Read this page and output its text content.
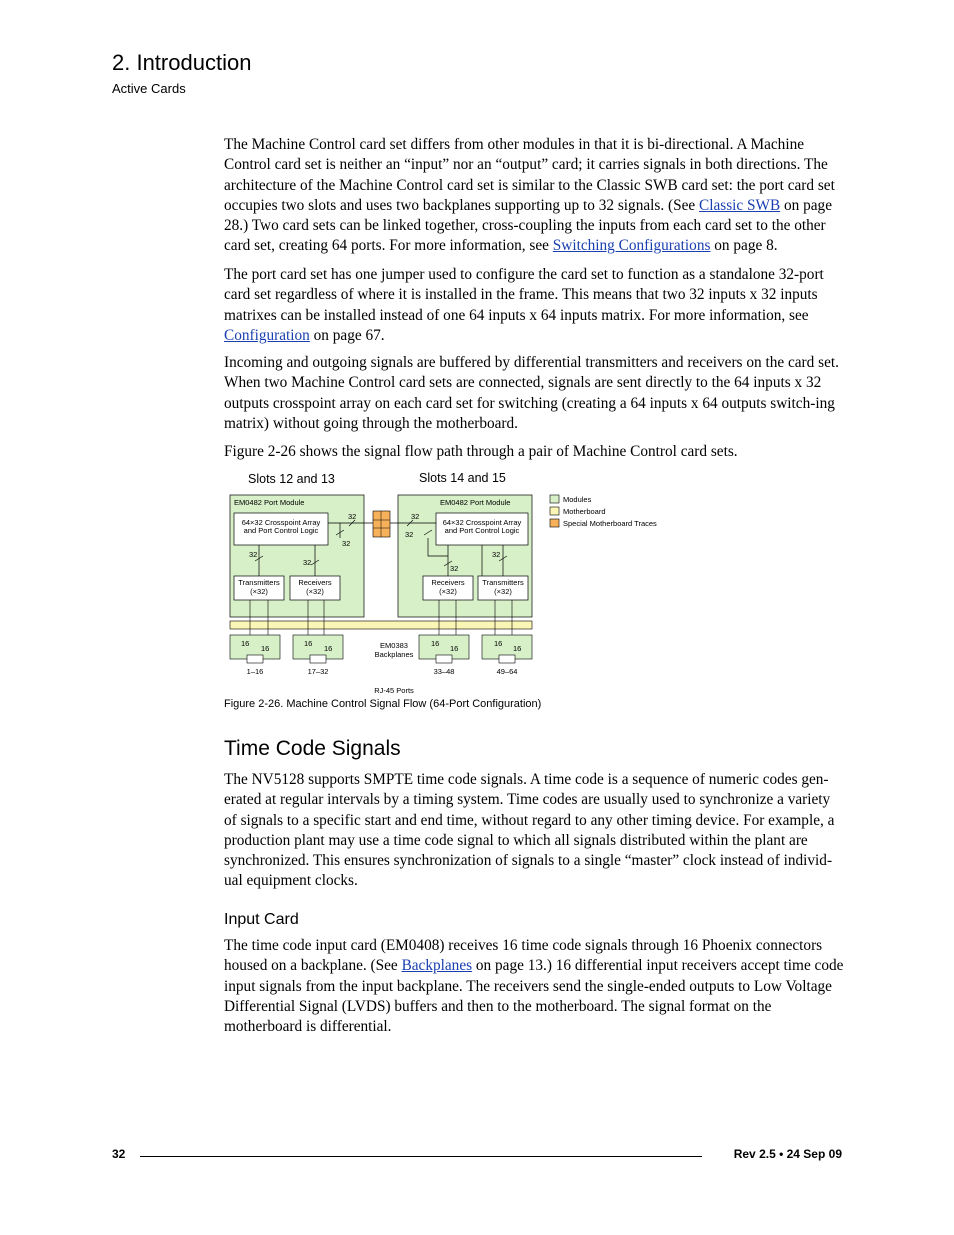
2. Introduction
Active Cards

The Machine Control card set differs from other modules in that it is bi-directional. A Machine Control card set is neither an “input” nor an “output” card; it carries signals in both directions. The architecture of the Machine Control card set is similar to the Classic SWB card set: the port card set occupies two slots and uses two backplanes supporting up to 32 signals. (See Classic SWB on page 28.) Two card sets can be linked together, cross-coupling the inputs from each card set to the other card set, creating 64 ports. For more information, see Switching Configurations on page 8.

The port card set has one jumper used to configure the card set to function as a standalone 32-port card set regardless of where it is installed in the frame. This means that two 32 inputs x 32 inputs matrixes can be installed instead of one 64 inputs x 64 inputs matrix. For more information, see Configuration on page 67.

Incoming and outgoing signals are buffered by differential transmitters and receivers on the card set. When two Machine Control card sets are connected, signals are sent directly to the 64 inputs x 32 outputs crosspoint array on each card set for switching (creating a 64 inputs x 64 outputs switch-ing matrix) without going through the motherboard.
Figure 2-26 shows the signal flow path through a pair of Machine Control card sets.
Slots 12 and 13	Slots 14 and 15
EM0482 Port Module	EM0482 Port Module
64×32 Crosspoint Array
and Port Control Logic
64×32 Crosspoint Array
and Port Control Logic
Transmitters
(×32)
Receivers
(×32)
Receivers
(×32)
Transmitters
(×32)
32
32
32
32
32
32
32
32
16
16
16
16
16
16
16
16
EM0383
Backplanes
1–16	17–32	33–48	49–64
RJ-45 Ports
Modules
Motherboard
Special Motherboard Traces
Figure 2-26. Machine Control Signal Flow (64-Port Configuration)
Time Code Signals
The NV5128 supports SMPTE time code signals. A time code is a sequence of numeric codes gen-erated at regular intervals by a timing system. Time codes are usually used to synchronize a variety of signals to a specific start and end time, without regard to any other timing device. For example, a production plant may use a time code signal to which all signals distributed within the plant are synchronized. This ensures synchronization of signals to a single “master” clock instead of individ-ual equipment clocks.
Input Card

The time code input card (EM0408) receives 16 time code signals through 16 Phoenix connectors housed on a backplane. (See Backplanes on page 13.) 16 differential input receivers accept time code input signals from the input backplane. The receivers send the single-ended outputs to Low Voltage Differential Signal (LVDS) buffers and then to the motherboard. The signal format on the motherboard is differential.

32	Rev 2.5 • 24 Sep 09
